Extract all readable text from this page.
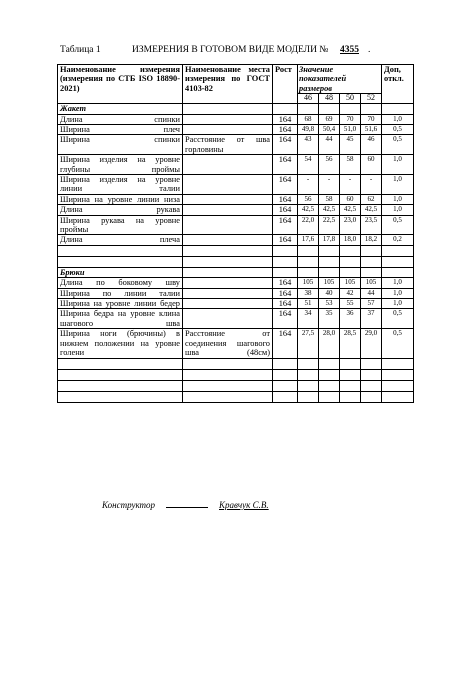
Таблица 1	ИЗМЕРЕНИЯ В ГОТОВОМ ВИДЕ МОДЕЛИ № 4355 .
Наименование измерения (измерения по СТБ ISO 18890-2021)	Наименование места измерения по ГОСТ 4103-82	Рост	Значение показателей размеров				Доп, откл.
			46	48	50	52	
Жакет							
Длина спинки		164	68	69	70	70	1,0
Ширина плеч		164	49,8	50,4	51,0	51,6	0,5
Ширина спинки	Расстояние от шва горловины	164	43	44	45	46	0,5
Ширина изделия на уровне глубины проймы		164	54	56	58	60	1,0
Ширина изделия на уровне линии талии		164	-	-	-	-	1,0
Ширина на уровне линии низа		164	56	58	60	62	1,0
Длина рукава		164	42,5	42,5	42,5	42,5	1,0
Ширина рукава на уровне проймы		164	22,0	22,5	23,0	23,5	0,5
Длина плеча		164	17,6	17,8	18,0	18,2	0,2

Брюки							
Длина по боковому шву		164	105	105	105	105	1,0
Ширина по линии талии		164	38	40	42	44	1,0
Ширина на уровне линии бедер		164	51	53	55	57	1,0
Ширина бедра на уровне клина шагового шва		164	34	35	36	37	0,5
Ширина ноги (брючины) в нижнем положении на уровне голени	Расстояние от соединения шагового шва (48см)	164	27,5	28,0	28,5	29,0	0,5

Конструктор	Кравчук С.В.
